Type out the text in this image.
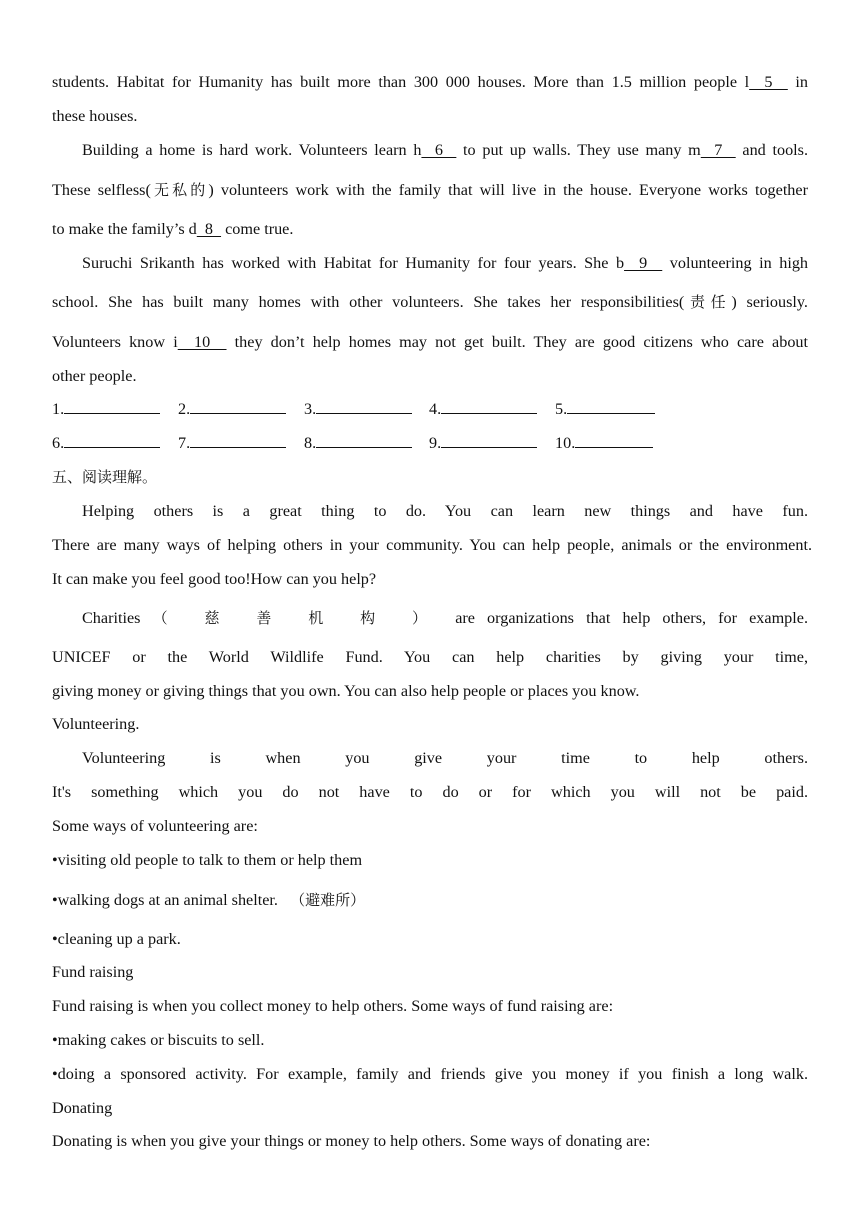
students. Habitat for Humanity has built more than 300 000 houses. More than 1.5 million people l  5   in
these houses.
Building a home is hard work. Volunteers learn h  6   to put up walls. They use many m  7   and tools.
These selfless(无私的) volunteers work with the family that will live in the house. Everyone works together
to make the family’s d  8   come true.
Suruchi Srikanth has worked with Habitat for Humanity for four years. She b  9   volunteering in high
school. She has built many homes with other volunteers. She takes her responsibilities(责任) seriously.
Volunteers know i  10   they don’t help homes may not get built. They are good citizens who care about
other people.
1.	2.	3.	4.	5.
6.	7.	8.	9.	10.
五、阅读理解。
Helping others is a great thing to do. You can learn new things and have fun.
There are many ways of helping others in your community. You can help people, animals or the environment.
It can make you feel good too!How can you help?
Charities （ 慈 善 机 构 ） are organizations that help others, for example.
UNICEF or the World Wildlife Fund. You can help charities by giving your time,
giving money or giving things that you own. You can also help people or places you know.
Volunteering.
Volunteering is when you give your time to help others.
It's something which you do not have to do or for which you will not be paid.
Some ways of volunteering are:
•visiting old people to talk to them or help them
•walking dogs at an animal shelter. （避难所）
•cleaning up a park.
Fund raising
Fund raising is when you collect money to help others. Some ways of fund raising are:
•making cakes or biscuits to sell.
•doing a sponsored activity. For example, family and friends give you money if you finish a long walk.
Donating
Donating is when you give your things or money to help others. Some ways of donating are:
